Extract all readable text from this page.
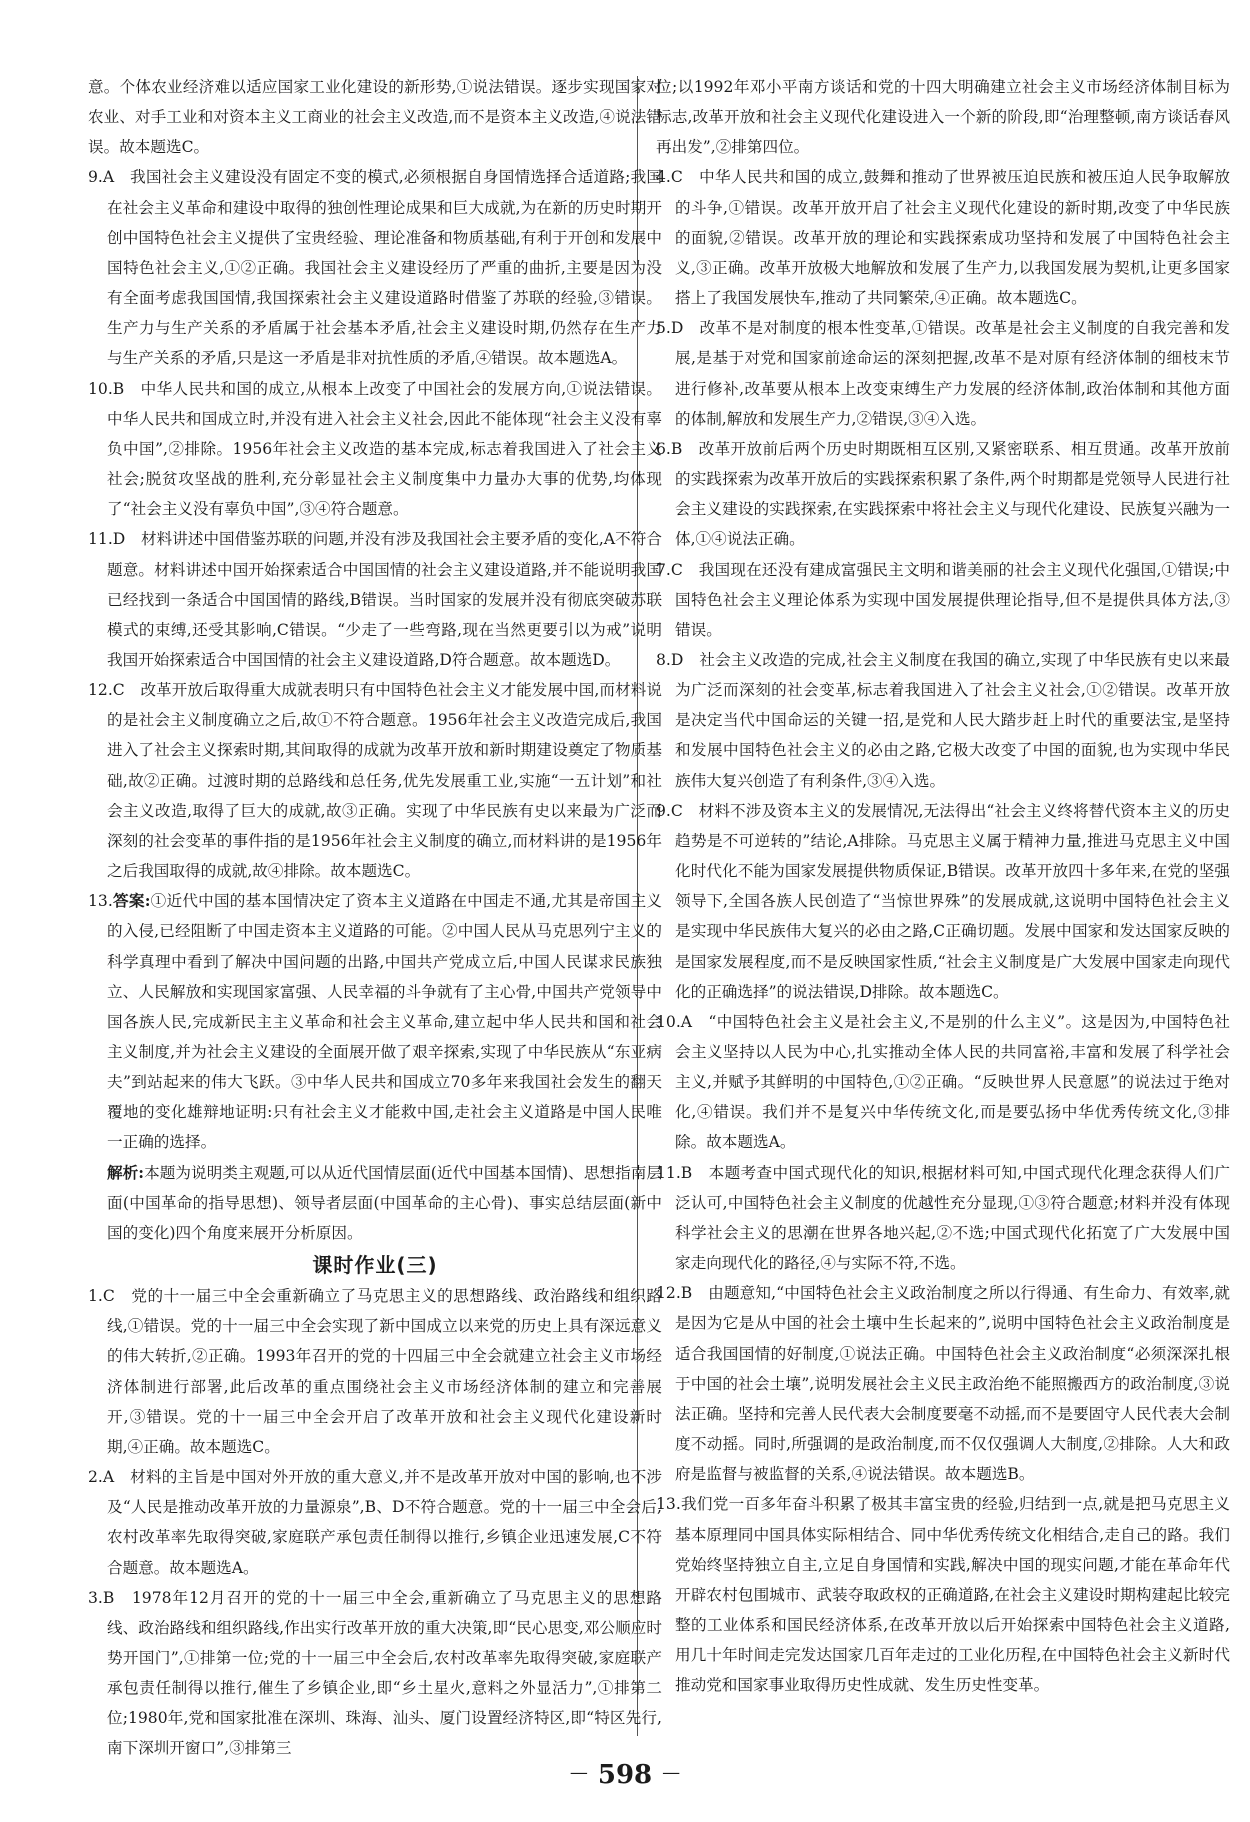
意。个体农业经济难以适应国家工业化建设的新形势,①说法错误。逐步实现国家对农业、对手工业和对资本主义工商业的社会主义改造,而不是资本主义改造,④说法错误。故本题选C。

9.A　我国社会主义建设没有固定不变的模式,必须根据自身国情选择合适道路;我国在社会主义革命和建设中取得的独创性理论成果和巨大成就,为在新的历史时期开创中国特色社会主义提供了宝贵经验、理论准备和物质基础,有利于开创和发展中国特色社会主义,①②正确。我国社会主义建设经历了严重的曲折,主要是因为没有全面考虑我国国情,我国探索社会主义建设道路时借鉴了苏联的经验,③错误。生产力与生产关系的矛盾属于社会基本矛盾,社会主义建设时期,仍然存在生产力与生产关系的矛盾,只是这一矛盾是非对抗性质的矛盾,④错误。故本题选A。

10.B　中华人民共和国的成立,从根本上改变了中国社会的发展方向,①说法错误。中华人民共和国成立时,并没有进入社会主义社会,因此不能体现“社会主义没有辜负中国”,②排除。1956年社会主义改造的基本完成,标志着我国进入了社会主义社会;脱贫攻坚战的胜利,充分彰显社会主义制度集中力量办大事的优势,均体现了“社会主义没有辜负中国”,③④符合题意。

11.D　材料讲述中国借鉴苏联的问题,并没有涉及我国社会主要矛盾的变化,A不符合题意。材料讲述中国开始探索适合中国国情的社会主义建设道路,并不能说明我国已经找到一条适合中国国情的路线,B错误。当时国家的发展并没有彻底突破苏联模式的束缚,还受其影响,C错误。“少走了一些弯路,现在当然更要引以为戒”说明我国开始探索适合中国国情的社会主义建设道路,D符合题意。故本题选D。

12.C　改革开放后取得重大成就表明只有中国特色社会主义才能发展中国,而材料说的是社会主义制度确立之后,故①不符合题意。1956年社会主义改造完成后,我国进入了社会主义探索时期,其间取得的成就为改革开放和新时期建设奠定了物质基础,故②正确。过渡时期的总路线和总任务,优先发展重工业,实施“一五计划”和社会主义改造,取得了巨大的成就,故③正确。实现了中华民族有史以来最为广泛而深刻的社会变革的事件指的是1956年社会主义制度的确立,而材料讲的是1956年之后我国取得的成就,故④排除。故本题选C。

13.答案:①近代中国的基本国情决定了资本主义道路在中国走不通,尤其是帝国主义的入侵,已经阻断了中国走资本主义道路的可能。②中国人民从马克思列宁主义的科学真理中看到了解决中国问题的出路,中国共产党成立后,中国人民谋求民族独立、人民解放和实现国家富强、人民幸福的斗争就有了主心骨,中国共产党领导中国各族人民,完成新民主主义革命和社会主义革命,建立起中华人民共和国和社会主义制度,并为社会主义建设的全面展开做了艰辛探索,实现了中华民族从“东亚病夫”到站起来的伟大飞跃。③中华人民共和国成立70多年来我国社会发生的翻天覆地的变化雄辩地证明:只有社会主义才能救中国,走社会主义道路是中国人民唯一正确的选择。

解析:本题为说明类主观题,可以从近代国情层面(近代中国基本国情)、思想指南层面(中国革命的指导思想)、领导者层面(中国革命的主心骨)、事实总结层面(新中国的变化)四个角度来展开分析原因。

课时作业(三)

1.C　党的十一届三中全会重新确立了马克思主义的思想路线、政治路线和组织路线,①错误。党的十一届三中全会实现了新中国成立以来党的历史上具有深远意义的伟大转折,②正确。1993年召开的党的十四届三中全会就建立社会主义市场经济体制进行部署,此后改革的重点围绕社会主义市场经济体制的建立和完善展开,③错误。党的十一届三中全会开启了改革开放和社会主义现代化建设新时期,④正确。故本题选C。

2.A　材料的主旨是中国对外开放的重大意义,并不是改革开放对中国的影响,也不涉及“人民是推动改革开放的力量源泉”,B、D不符合题意。党的十一届三中全会后,农村改革率先取得突破,家庭联产承包责任制得以推行,乡镇企业迅速发展,C不符合题意。故本题选A。

3.B　1978年12月召开的党的十一届三中全会,重新确立了马克思主义的思想路线、政治路线和组织路线,作出实行改革开放的重大决策,即“民心思变,邓公顺应时势开国门”,①排第一位;党的十一届三中全会后,农村改革率先取得突破,家庭联产承包责任制得以推行,催生了乡镇企业,即“乡土星火,意料之外显活力”,①排第二位;1980年,党和国家批准在深圳、珠海、汕头、厦门设置经济特区,即“特区先行,南下深圳开窗口”,③排第三

位;以1992年邓小平南方谈话和党的十四大明确建立社会主义市场经济体制目标为标志,改革开放和社会主义现代化建设进入一个新的阶段,即“治理整顿,南方谈话春风再出发”,②排第四位。

4.C　中华人民共和国的成立,鼓舞和推动了世界被压迫民族和被压迫人民争取解放的斗争,①错误。改革开放开启了社会主义现代化建设的新时期,改变了中华民族的面貌,②错误。改革开放的理论和实践探索成功坚持和发展了中国特色社会主义,③正确。改革开放极大地解放和发展了生产力,以我国发展为契机,让更多国家搭上了我国发展快车,推动了共同繁荣,④正确。故本题选C。

5.D　改革不是对制度的根本性变革,①错误。改革是社会主义制度的自我完善和发展,是基于对党和国家前途命运的深刻把握,改革不是对原有经济体制的细枝末节进行修补,改革要从根本上改变束缚生产力发展的经济体制,政治体制和其他方面的体制,解放和发展生产力,②错误,③④入选。

6.B　改革开放前后两个历史时期既相互区别,又紧密联系、相互贯通。改革开放前的实践探索为改革开放后的实践探索积累了条件,两个时期都是党领导人民进行社会主义建设的实践探索,在实践探索中将社会主义与现代化建设、民族复兴融为一体,①④说法正确。

7.C　我国现在还没有建成富强民主文明和谐美丽的社会主义现代化强国,①错误;中国特色社会主义理论体系为实现中国发展提供理论指导,但不是提供具体方法,③错误。

8.D　社会主义改造的完成,社会主义制度在我国的确立,实现了中华民族有史以来最为广泛而深刻的社会变革,标志着我国进入了社会主义社会,①②错误。改革开放是决定当代中国命运的关键一招,是党和人民大踏步赶上时代的重要法宝,是坚持和发展中国特色社会主义的必由之路,它极大改变了中国的面貌,也为实现中华民族伟大复兴创造了有利条件,③④入选。

9.C　材料不涉及资本主义的发展情况,无法得出“社会主义终将替代资本主义的历史趋势是不可逆转的”结论,A排除。马克思主义属于精神力量,推进马克思主义中国化时代化不能为国家发展提供物质保证,B错误。改革开放四十多年来,在党的坚强领导下,全国各族人民创造了“当惊世界殊”的发展成就,这说明中国特色社会主义是实现中华民族伟大复兴的必由之路,C正确切题。发展中国家和发达国家反映的是国家发展程度,而不是反映国家性质,“社会主义制度是广大发展中国家走向现代化的正确选择”的说法错误,D排除。故本题选C。

10.A　“中国特色社会主义是社会主义,不是别的什么主义”。这是因为,中国特色社会主义坚持以人民为中心,扎实推动全体人民的共同富裕,丰富和发展了科学社会主义,并赋予其鲜明的中国特色,①②正确。“反映世界人民意愿”的说法过于绝对化,④错误。我们并不是复兴中华传统文化,而是要弘扬中华优秀传统文化,③排除。故本题选A。

11.B　本题考查中国式现代化的知识,根据材料可知,中国式现代化理念获得人们广泛认可,中国特色社会主义制度的优越性充分显现,①③符合题意;材料并没有体现科学社会主义的思潮在世界各地兴起,②不选;中国式现代化拓宽了广大发展中国家走向现代化的路径,④与实际不符,不选。

12.B　由题意知,“中国特色社会主义政治制度之所以行得通、有生命力、有效率,就是因为它是从中国的社会土壤中生长起来的”,说明中国特色社会主义政治制度是适合我国国情的好制度,①说法正确。中国特色社会主义政治制度“必须深深扎根于中国的社会土壤”,说明发展社会主义民主政治绝不能照搬西方的政治制度,③说法正确。坚持和完善人民代表大会制度要毫不动摇,而不是要固守人民代表大会制度不动摇。同时,所强调的是政治制度,而不仅仅强调人大制度,②排除。人大和政府是监督与被监督的关系,④说法错误。故本题选B。

13.我们党一百多年奋斗积累了极其丰富宝贵的经验,归结到一点,就是把马克思主义基本原理同中国具体实际相结合、同中华优秀传统文化相结合,走自己的路。我们党始终坚持独立自主,立足自身国情和实践,解决中国的现实问题,才能在革命年代开辟农村包围城市、武装夺取政权的正确道路,在社会主义建设时期构建起比较完整的工业体系和国民经济体系,在改革开放以后开始探索中国特色社会主义道路,用几十年时间走完发达国家几百年走过的工业化历程,在中国特色社会主义新时代推动党和国家事业取得历史性成就、发生历史性变革。

— 598 —
